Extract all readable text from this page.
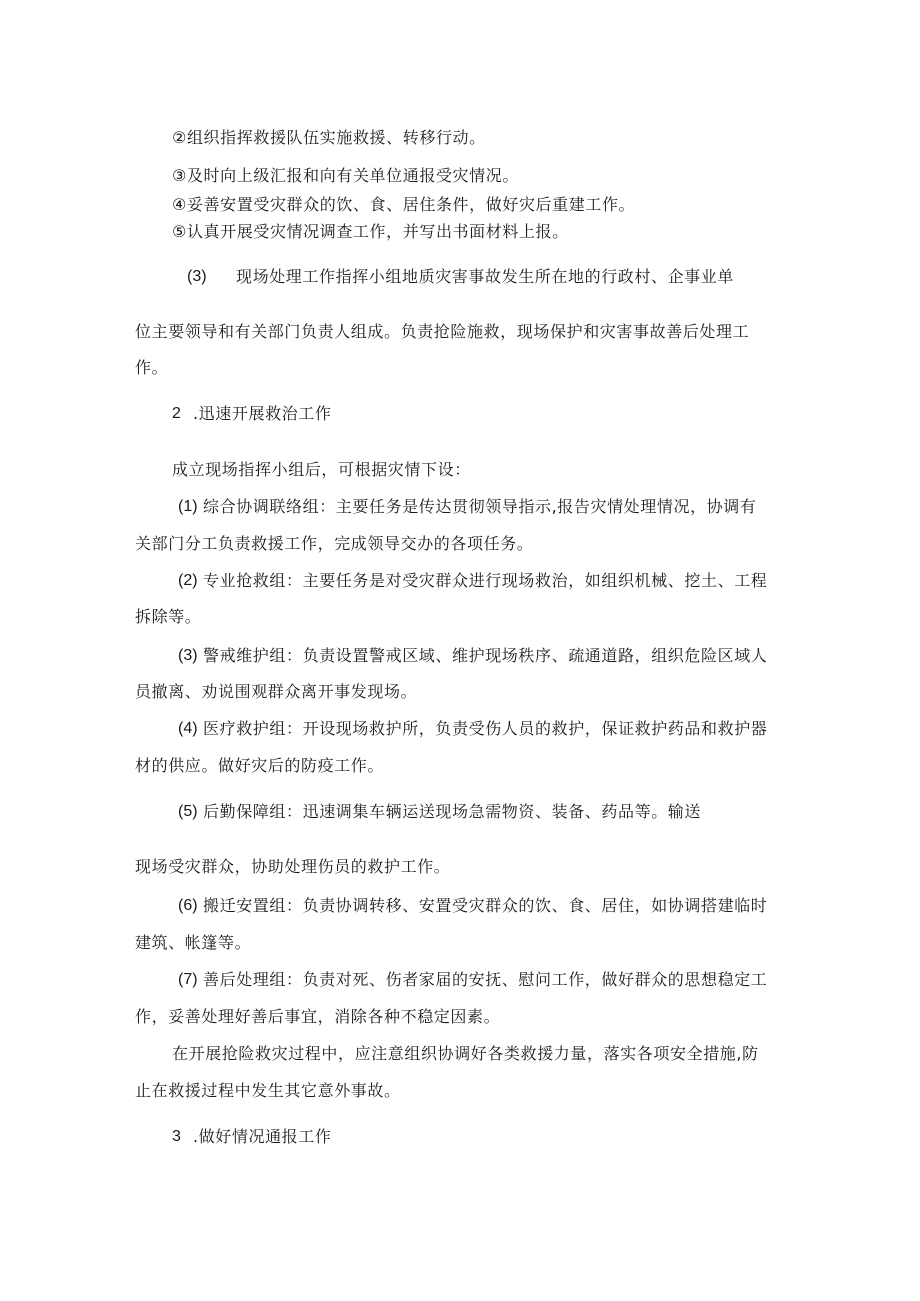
②组织指挥救援队伍实施救援、转移行动。
③及时向上级汇报和向有关单位通报受灾情况。
④妥善安置受灾群众的饮、食、居住条件，做好灾后重建工作。
⑤认真开展受灾情况调查工作，并写出书面材料上报。
(3) 现场处理工作指挥小组地质灾害事故发生所在地的行政村、企事业单
位主要领导和有关部门负责人组成。负责抢险施救，现场保护和灾害事故善后处理工
作。
2 .迅速开展救治工作
成立现场指挥小组后，可根据灾情下设：
(1) 综合协调联络组：主要任务是传达贯彻领导指示,报告灾情处理情况，协调有
关部门分工负责救援工作，完成领导交办的各项任务。
(2) 专业抢救组：主要任务是对受灾群众进行现场救治，如组织机械、挖土、工程
拆除等。
(3) 警戒维护组：负责设置警戒区域、维护现场秩序、疏通道路，组织危险区域人
员撤离、劝说围观群众离开事发现场。
(4) 医疗救护组：开设现场救护所，负责受伤人员的救护，保证救护药品和救护器
材的供应。做好灾后的防疫工作。
(5) 后勤保障组：迅速调集车辆运送现场急需物资、装备、药品等。输送
现场受灾群众，协助处理伤员的救护工作。
(6) 搬迁安置组：负责协调转移、安置受灾群众的饮、食、居住，如协调搭建临时
建筑、帐篷等。
(7) 善后处理组：负责对死、伤者家届的安抚、慰问工作，做好群众的思想稳定工
作，妥善处理好善后事宜，消除各种不稳定因素。
在开展抢险救灾过程中，应注意组织协调好各类救援力量，落实各项安全措施,防
止在救援过程中发生其它意外事故。
3 .做好情况通报工作
